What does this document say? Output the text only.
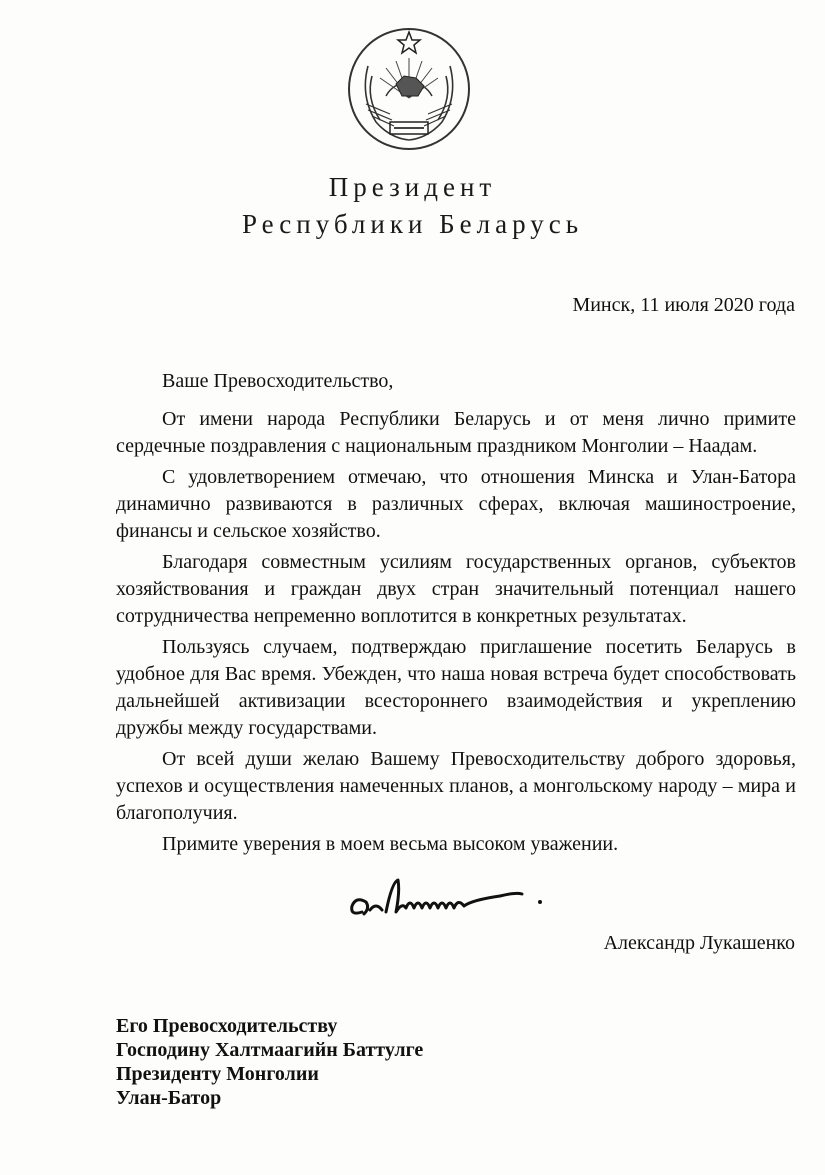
Президент
Республики Беларусь
Минск, 11 июля 2020 года

Ваше Превосходительство,

От имени народа Республики Беларусь и от меня лично примите сердечные поздравления с национальным праздником Монголии – Наадам.

С удовлетворением отмечаю, что отношения Минска и Улан-Батора динамично развиваются в различных сферах, включая машиностроение, финансы и сельское хозяйство.

Благодаря совместным усилиям государственных органов, субъектов хозяйствования и граждан двух стран значительный потенциал нашего сотрудничества непременно воплотится в конкретных результатах.

Пользуясь случаем, подтверждаю приглашение посетить Беларусь в удобное для Вас время. Убежден, что наша новая встреча будет способствовать дальнейшей активизации всестороннего взаимодействия и укреплению дружбы между государствами.

От всей души желаю Вашему Превосходительству доброго здоровья, успехов и осуществления намеченных планов, а монгольскому народу – мира и благополучия.

Примите уверения в моем весьма высоком уважении.

Александр Лукашенко
Его Превосходительству
Господину Халтмаагийн Баттулге
Президенту Монголии
Улан-Батор
